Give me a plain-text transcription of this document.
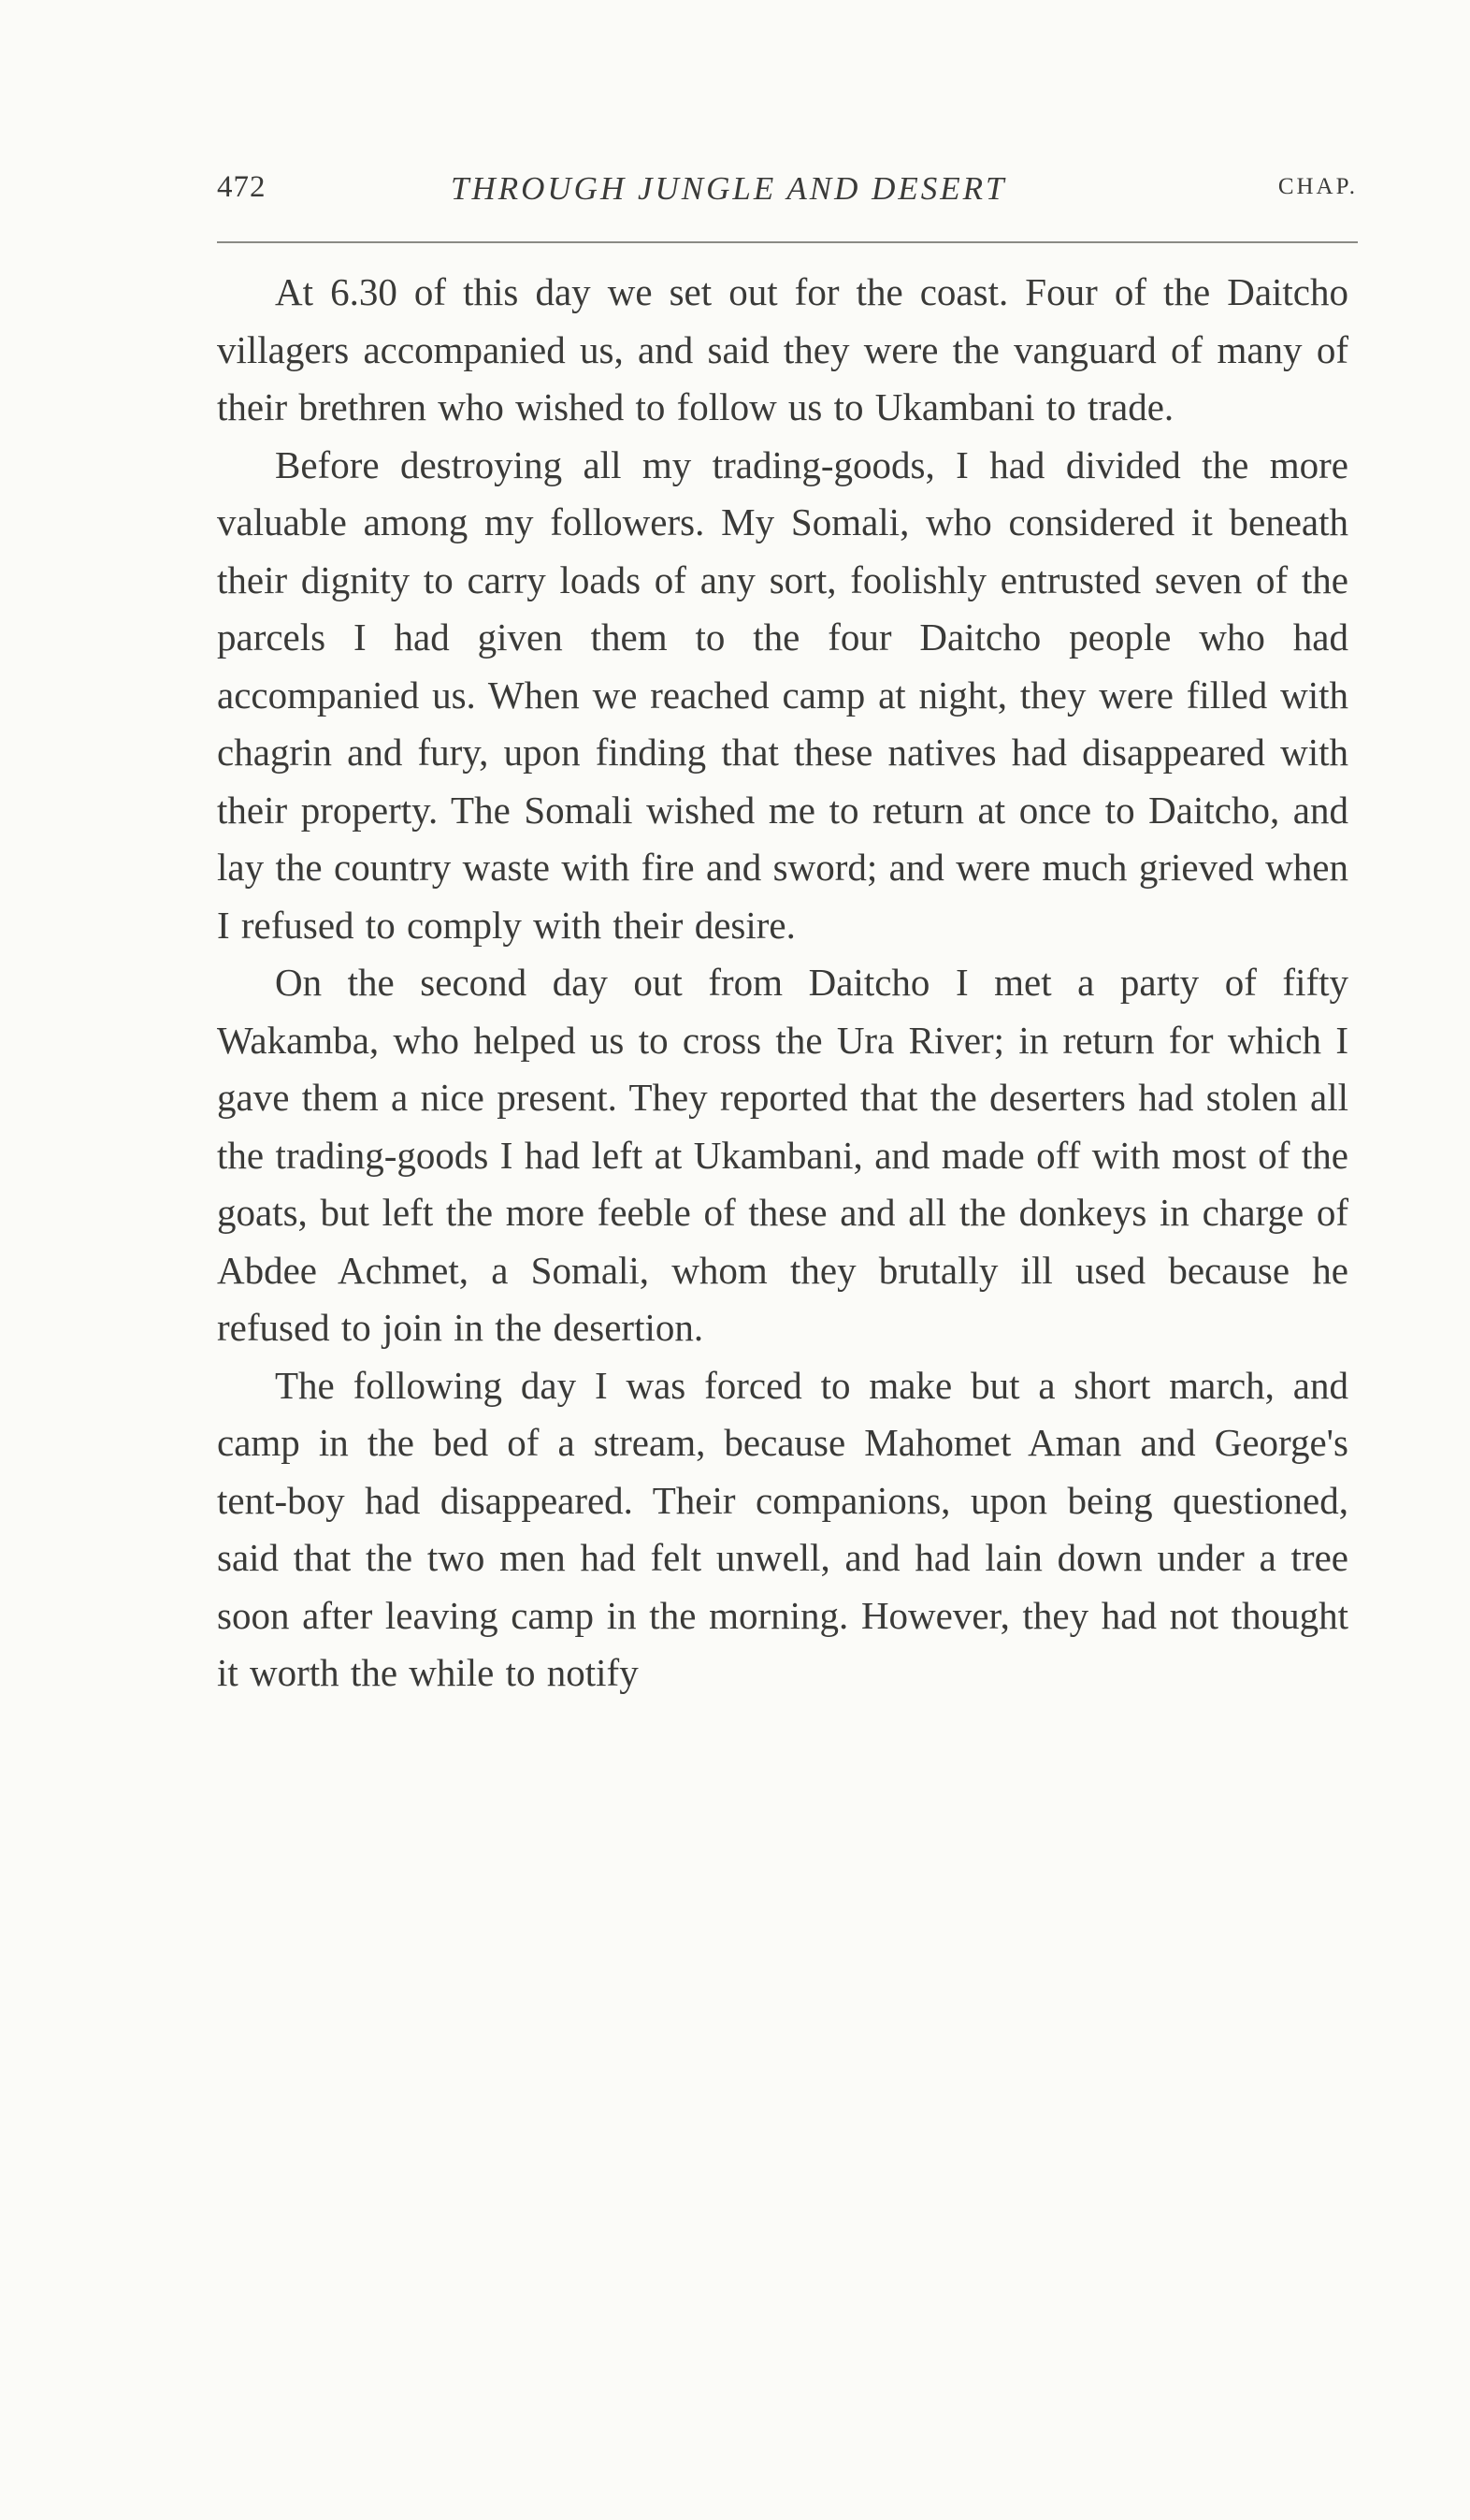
472	THROUGH JUNGLE AND DESERT	CHAP.

At 6.30 of this day we set out for the coast. Four of the Daitcho villagers accompanied us, and said they were the vanguard of many of their brethren who wished to follow us to Ukambani to trade.

Before destroying all my trading-goods, I had divided the more valuable among my followers. My Somali, who considered it beneath their dignity to carry loads of any sort, foolishly entrusted seven of the parcels I had given them to the four Daitcho people who had accompanied us. When we reached camp at night, they were filled with chagrin and fury, upon finding that these natives had disappeared with their property. The Somali wished me to return at once to Daitcho, and lay the country waste with fire and sword; and were much grieved when I refused to comply with their desire.

On the second day out from Daitcho I met a party of fifty Wakamba, who helped us to cross the Ura River; in return for which I gave them a nice present. They reported that the deserters had stolen all the trading-goods I had left at Ukambani, and made off with most of the goats, but left the more feeble of these and all the donkeys in charge of Abdee Achmet, a Somali, whom they brutally ill used because he refused to join in the desertion.

The following day I was forced to make but a short march, and camp in the bed of a stream, because Mahomet Aman and George's tent-boy had disappeared. Their companions, upon being questioned, said that the two men had felt unwell, and had lain down under a tree soon after leaving camp in the morning. However, they had not thought it worth the while to notify
